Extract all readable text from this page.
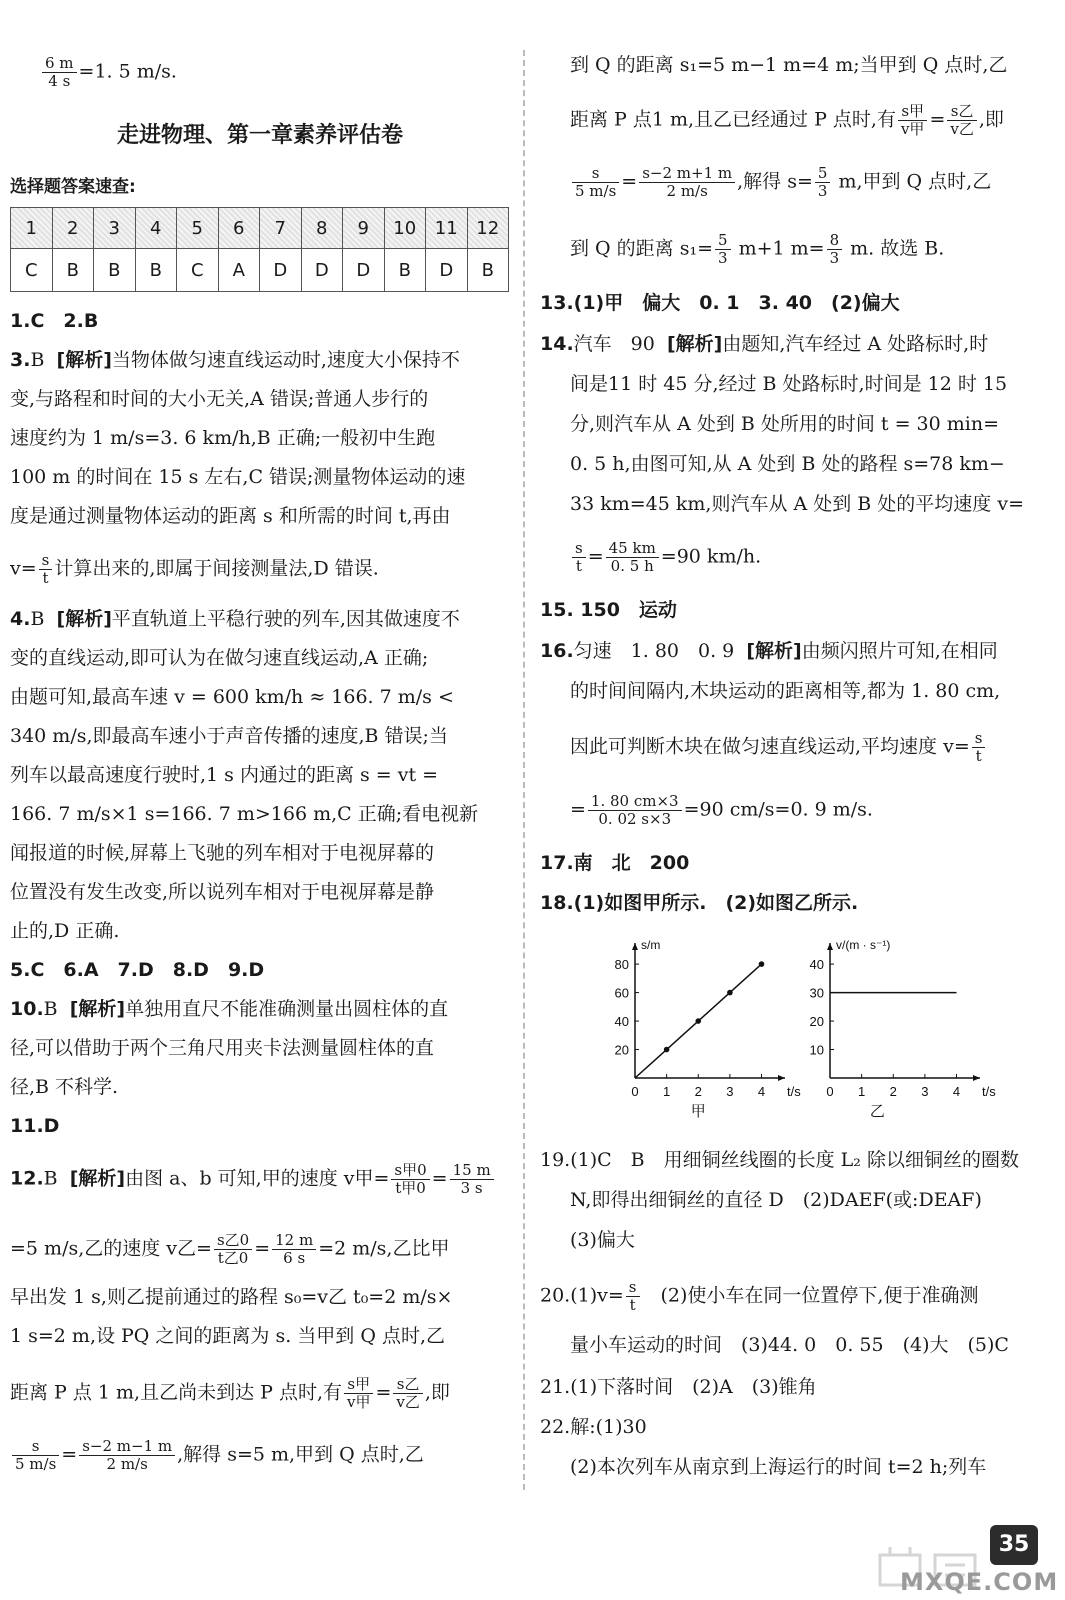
$\frac{6 m}{4 s} =1$. 5 m/s.
走进物理、第一章素养评估卷
选择题答案速查:
1	2	3	4	5	6	7	8	9	10	11	12
C	B	B	B	C	A	D	D	D	B	D	B
1.C　2.B
3.B [解析]当物体做匀速直线运动时,速度大小保持不
变,与路程和时间的大小无关,A 错误;普通人步行的
速度约为 1 m/s=3. 6 km/h,B 正确;一般初中生跑
100 m 的时间在 15 s 左右,C 错误;测量物体运动的速
度是通过测量物体运动的距离 s 和所需的时间 t,再由
$v= \frac{s}{t}$ 计算出来的,即属于间接测量法,D 错误.
4.B [解析]平直轨道上平稳行驶的列车,因其做速度不
变的直线运动,即可认为在做匀速直线运动,A 正确;
由题可知,最高车速 v = 600 km/h ≈ 166. 7 m/s <
340 m/s,即最高车速小于声音传播的速度,B 错误;当
列车以最高速度行驶时,1 s 内通过的距离 s = vt =
166. 7 m/s×1 s=166. 7 m>166 m,C 正确;看电视新
闻报道的时候,屏幕上飞驰的列车相对于电视屏幕的
位置没有发生改变,所以说列车相对于电视屏幕是静
止的,D 正确.
5.C　6.A　7.D　8.D　9.D
10.B [解析]单独用直尺不能准确测量出圆柱体的直
径,可以借助于两个三角尺用夹卡法测量圆柱体的直
径,B 不科学.
11.D
12.B [解析]由图 a、b 可知,甲的速度 v甲= $\frac{\text{s甲0}}{\text{t甲0}} = \frac{15 m}{3 s}$
=5 m/s,乙的速度 v乙= $\frac{\text{s乙0}}{\text{t乙0}} = \frac{12 m}{6 s} =2$ m/s,乙比甲
早出发 1 s,则乙提前通过的路程 s₀=v乙 t₀=2 m/s×
1 s=2 m,设 PQ 之间的距离为 s. 当甲到 Q 点时,乙
距离 P 点 1 m,且乙尚未到达 P 点时,有 $\frac{\text{s甲}}{\text{v甲}} = \frac{\text{s乙}}{\text{v乙}}$ ,即
$\frac{s}{5 m/s} = \frac{s-2 m-1 m}{2 m/s}$ ,解得 s=5 m,甲到 Q 点时,乙
到 Q 的距离 s₁=5 m−1 m=4 m;当甲到 Q 点时,乙
距离 P 点1 m,且乙已经通过 P 点时,有 $\frac{\text{s甲}}{\text{v甲}} = \frac{\text{s乙}}{\text{v乙}}$ ,即
$\frac{s}{5 m/s} = \frac{s-2 m+1 m}{2 m/s}$ ,解得 $s= \frac{5}{3} m$,甲到 Q 点时,乙
到 Q 的距离 $s_1= \frac{5}{3} m+1$ $m= \frac{8}{3} m$. 故选 B.
13.(1)甲　偏大　0. 1　3. 40　(2)偏大
14.汽车　90 [解析]由题知,汽车经过 A 处路标时,时
间是11 时 45 分,经过 B 处路标时,时间是 12 时 15
分,则汽车从 A 处到 B 处所用的时间 t = 30 min=
0. 5 h,由图可知,从 A 处到 B 处的路程 s=78 km−
33 km=45 km,则汽车从 A 处到 B 处的平均速度 v=
$\frac{s}{t} = \frac{45 km}{0. 5 h} =90$ km/h.
15. 150　运动
16.匀速　1. 80　0. 9 [解析]由频闪照片可知,在相同
的时间间隔内,木块运动的距离相等,都为 1. 80 cm,
因此可判断木块在做匀速直线运动,平均速度 $v= \frac{s}{t}$
= $\frac{1. 80 cm\times 3}{0. 02 s\times 3} =90$ cm/s=0. 9 m/s.
17.南　北　200
18.(1)如图甲所示.　(2)如图乙所示.
0 1 2 3 4
80
60
40
20
t/s
s/m
甲
0 1 2 3 4
40
30
20
10
t/s
v/(m · s⁻¹)
乙
19.(1)C　B　用细铜丝线圈的长度 L₂ 除以细铜丝的圈数
N,即得出细铜丝的直径 D　(2)DAEF(或:DEAF)
(3)偏大
$20.(1)v= \frac{s}{t}$ 　(2)使小车在同一位置停下,便于准确测
量小车运动的时间　(3)44. 0　0. 55　(4)大　(5)C
21.(1)下落时间　(2)A　(3)锥角
22.解:(1)30
(2)本次列车从南京到上海运行的时间 t=2 h;列车
MXQE.COM
35
